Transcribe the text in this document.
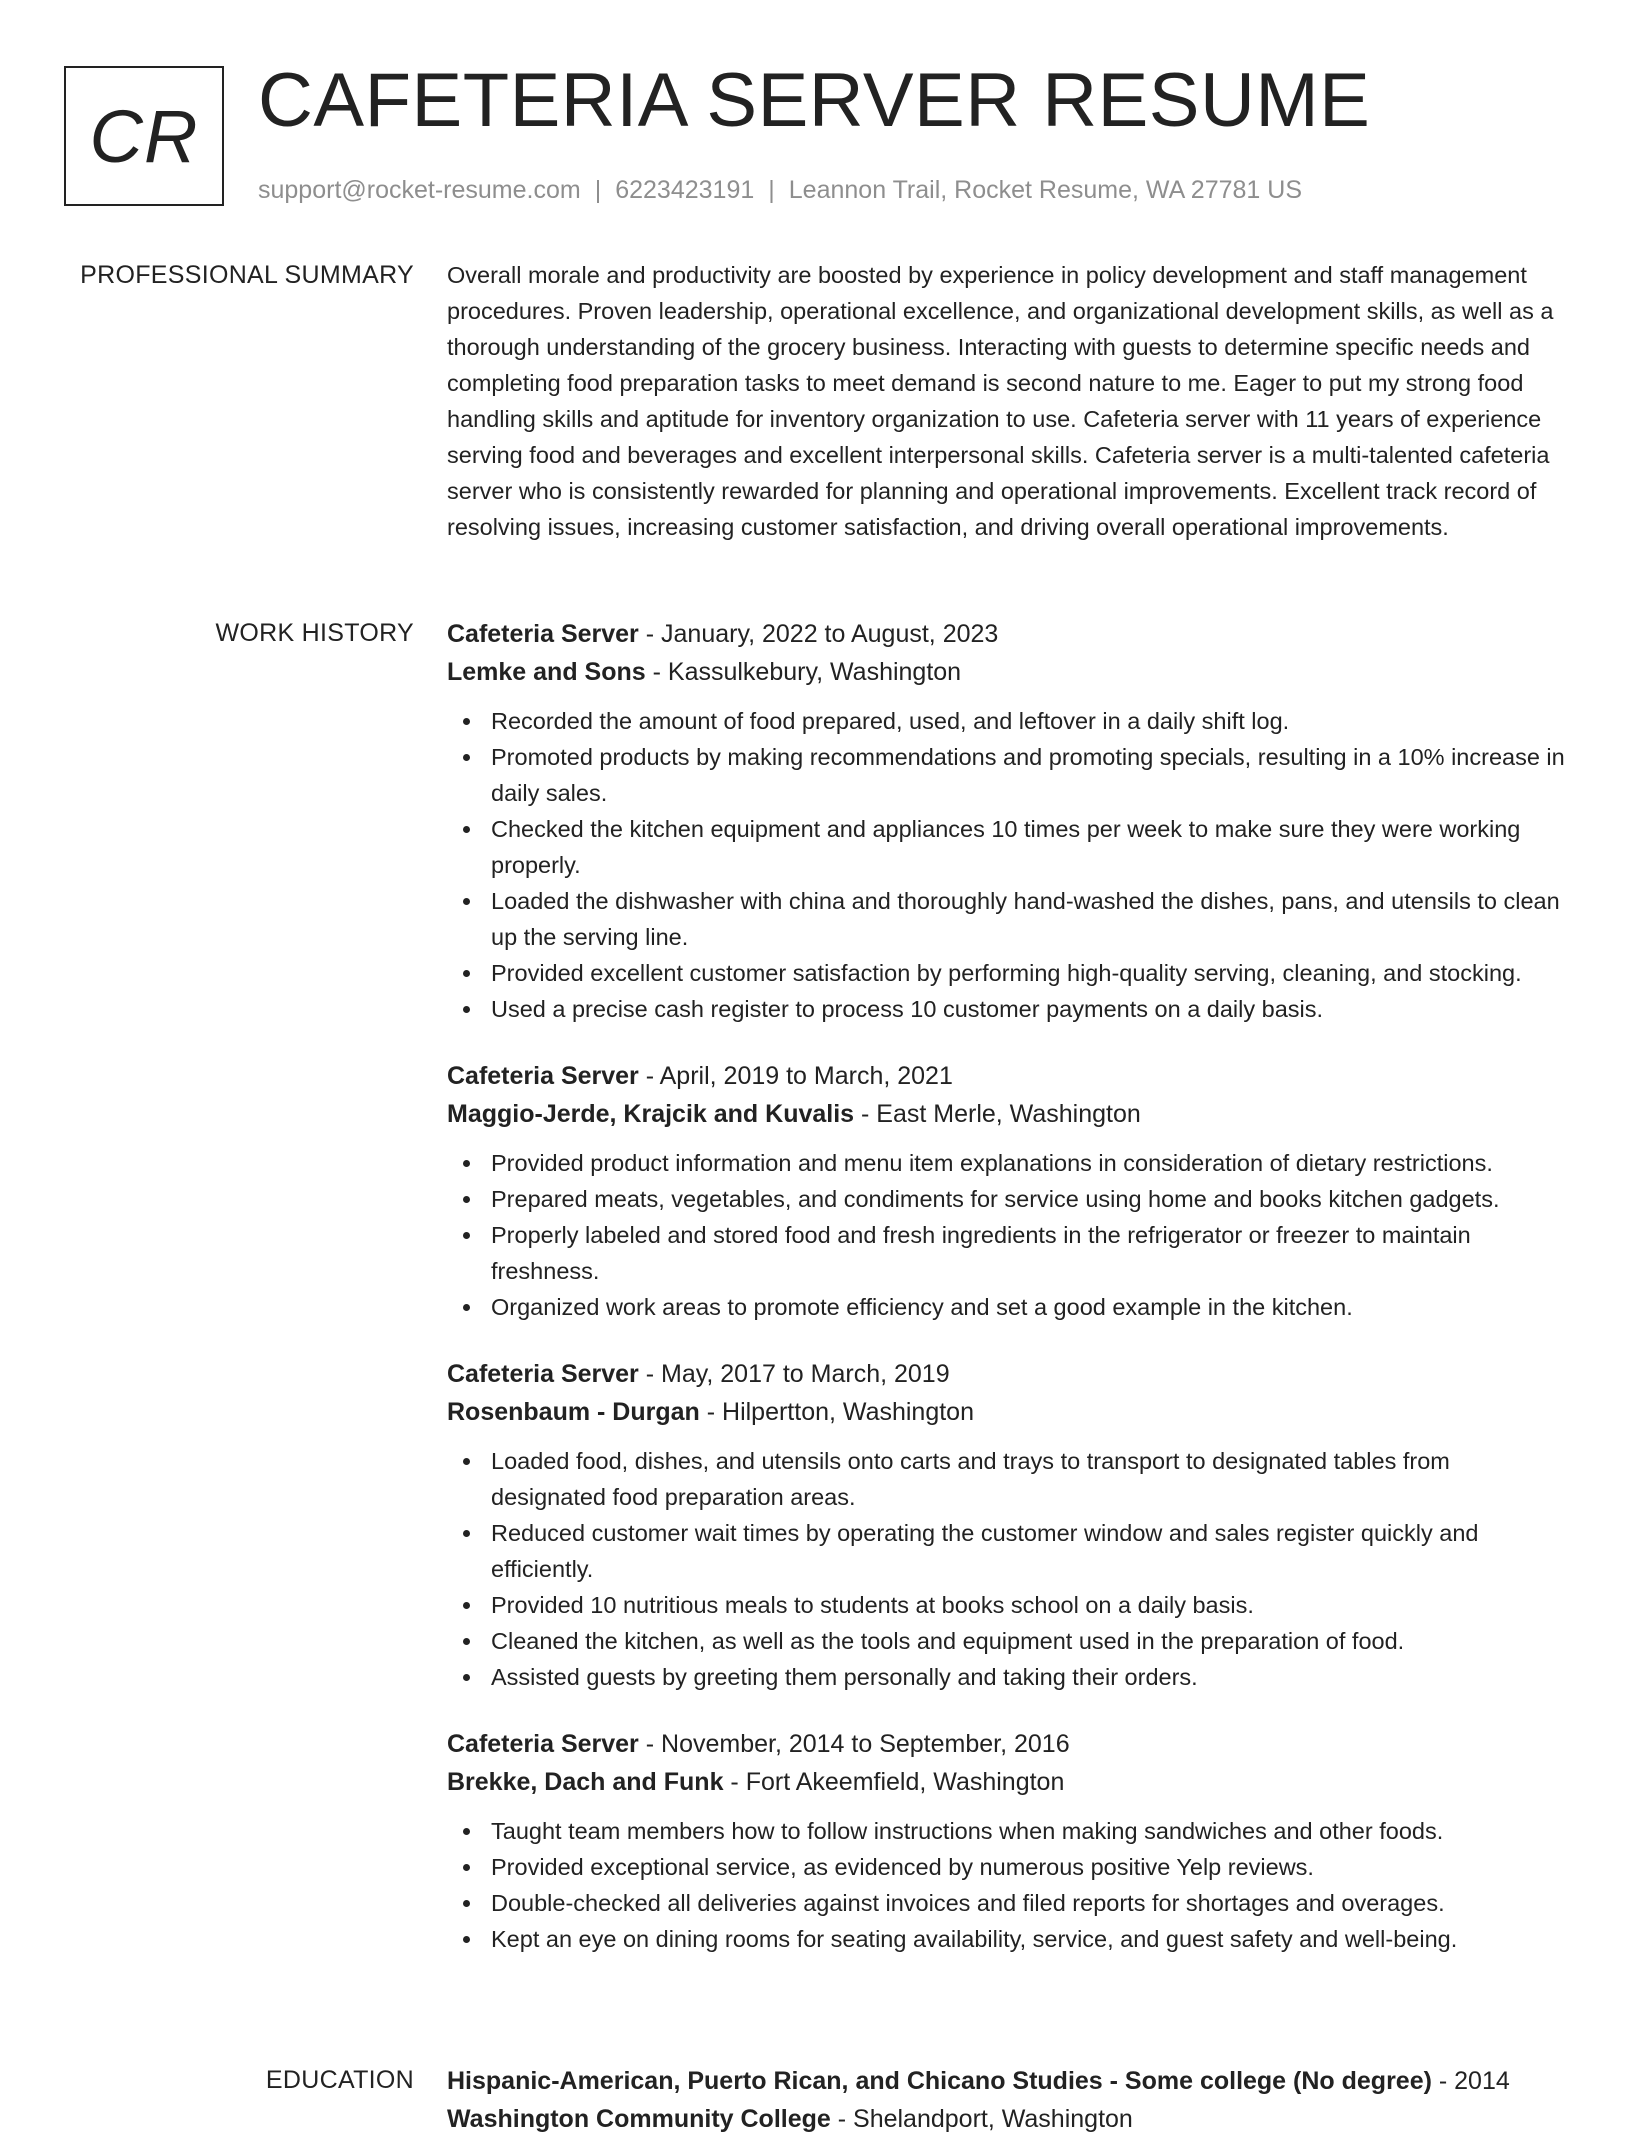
CR CAFETERIA SERVER RESUME
support@rocket-resume.com | 6223423191 | Leannon Trail, Rocket Resume, WA 27781 US
PROFESSIONAL SUMMARY Overall morale and productivity are boosted by experience in policy development and staff management procedures. Proven leadership, operational excellence, and organizational development skills, as well as a thorough understanding of the grocery business. Interacting with guests to determine specific needs and completing food preparation tasks to meet demand is second nature to me. Eager to put my strong food handling skills and aptitude for inventory organization to use. Cafeteria server with 11 years of experience serving food and beverages and excellent interpersonal skills. Cafeteria server is a multi-talented cafeteria server who is consistently rewarded for planning and operational improvements. Excellent track record of resolving issues, increasing customer satisfaction, and driving overall operational improvements.

WORK HISTORY Cafeteria Server - January, 2022 to August, 2023
Lemke and Sons - Kassulkebury, Washington
Recorded the amount of food prepared, used, and leftover in a daily shift log.
Promoted products by making recommendations and promoting specials, resulting in a 10% increase in daily sales.
Checked the kitchen equipment and appliances 10 times per week to make sure they were working properly.
Loaded the dishwasher with china and thoroughly hand-washed the dishes, pans, and utensils to clean up the serving line.
Provided excellent customer satisfaction by performing high-quality serving, cleaning, and stocking.
Used a precise cash register to process 10 customer payments on a daily basis.
Cafeteria Server - April, 2019 to March, 2021
Maggio-Jerde, Krajcik and Kuvalis - East Merle, Washington
Provided product information and menu item explanations in consideration of dietary restrictions.
Prepared meats, vegetables, and condiments for service using home and books kitchen gadgets.
Properly labeled and stored food and fresh ingredients in the refrigerator or freezer to maintain freshness.
Organized work areas to promote efficiency and set a good example in the kitchen.
Cafeteria Server - May, 2017 to March, 2019
Rosenbaum - Durgan - Hilpertton, Washington
Loaded food, dishes, and utensils onto carts and trays to transport to designated tables from designated food preparation areas.
Reduced customer wait times by operating the customer window and sales register quickly and efficiently.
Provided 10 nutritious meals to students at books school on a daily basis.
Cleaned the kitchen, as well as the tools and equipment used in the preparation of food.
Assisted guests by greeting them personally and taking their orders.
Cafeteria Server - November, 2014 to September, 2016
Brekke, Dach and Funk - Fort Akeemfield, Washington
Taught team members how to follow instructions when making sandwiches and other foods.
Provided exceptional service, as evidenced by numerous positive Yelp reviews.
Double-checked all deliveries against invoices and filed reports for shortages and overages.
Kept an eye on dining rooms for seating availability, service, and guest safety and well-being.
EDUCATION Hispanic-American, Puerto Rican, and Chicano Studies - Some college (No degree) - 2014
Washington Community College - Shelandport, Washington
